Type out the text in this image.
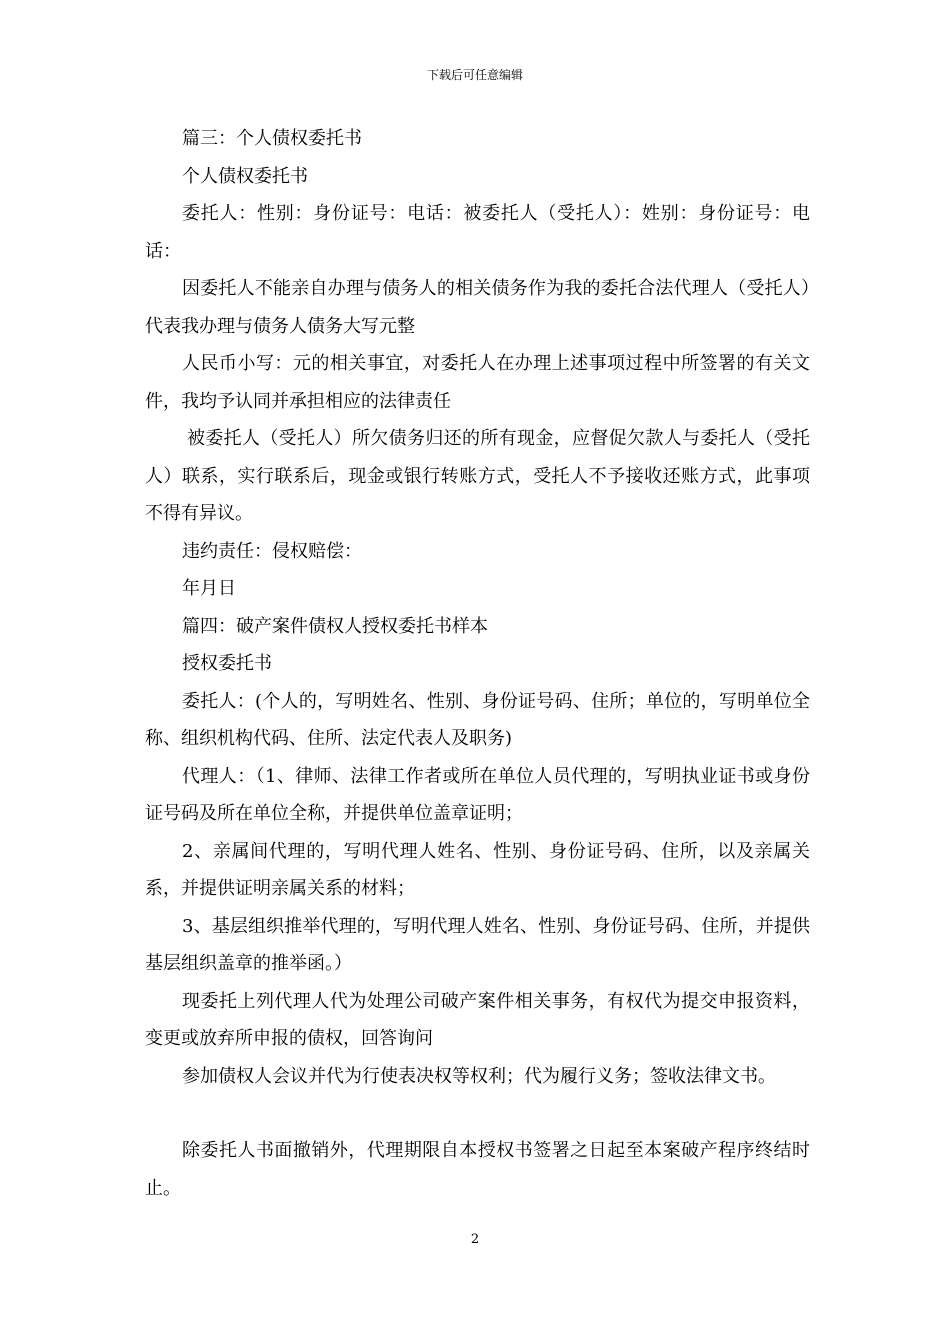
下载后可任意编辑

篇三：个人债权委托书

个人债权委托书

委托人：性别：身份证号：电话：被委托人（受托人）：姓别：身份证号：电话：

因委托人不能亲自办理与债务人的相关债务作为我的委托合法代理人（受托人）代表我办理与债务人债务大写元整

人民币小写：元的相关事宜，对委托人在办理上述事项过程中所签署的有关文件，我均予认同并承担相应的法律责任

被委托人（受托人）所欠债务归还的所有现金，应督促欠款人与委托人（受托人）联系，实行联系后，现金或银行转账方式，受托人不予接收还账方式，此事项不得有异议。

违约责任：侵权赔偿：

年月日

篇四：破产案件债权人授权委托书样本

授权委托书

委托人：(个人的，写明姓名、性别、身份证号码、住所；单位的，写明单位全称、组织机构代码、住所、法定代表人及职务)

代理人：（1、律师、法律工作者或所在单位人员代理的，写明执业证书或身份证号码及所在单位全称，并提供单位盖章证明；

2、亲属间代理的，写明代理人姓名、性别、身份证号码、住所，以及亲属关系，并提供证明亲属关系的材料；

3、基层组织推举代理的，写明代理人姓名、性别、身份证号码、住所，并提供基层组织盖章的推举函。）

现委托上列代理人代为处理公司破产案件相关事务，有权代为提交申报资料，变更或放弃所申报的债权，回答询问

参加债权人会议并代为行使表决权等权利；代为履行义务；签收法律文书。

除委托人书面撤销外，代理期限自本授权书签署之日起至本案破产程序终结时止。

2
